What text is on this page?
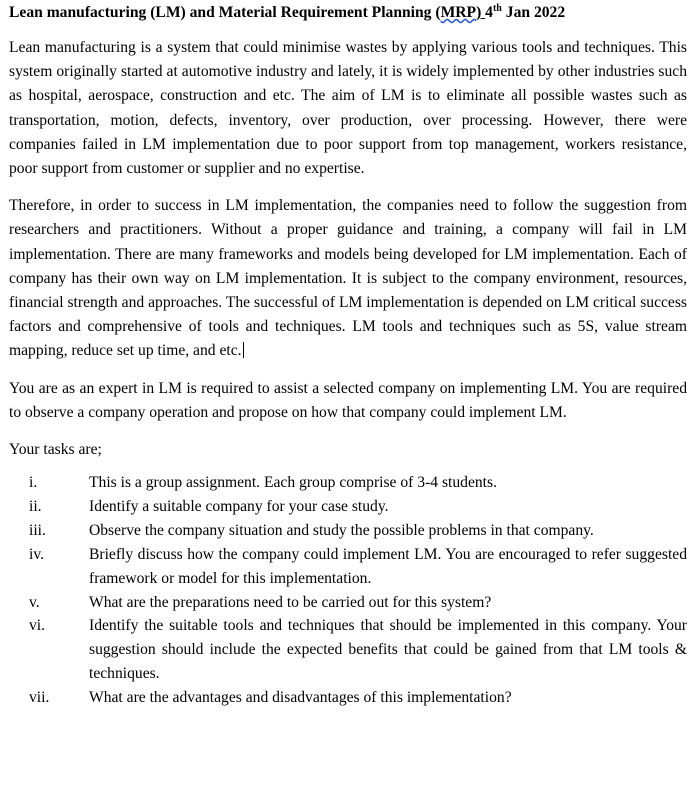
Lean manufacturing (LM) and Material Requirement Planning (MRP) 4th Jan 2022

Lean manufacturing is a system that could minimise wastes by applying various tools and techniques. This system originally started at automotive industry and lately, it is widely implemented by other industries such as hospital, aerospace, construction and etc. The aim of LM is to eliminate all possible wastes such as transportation, motion, defects, inventory, over production, over processing. However, there were companies failed in LM implementation due to poor support from top management, workers resistance, poor support from customer or supplier and no expertise.

Therefore, in order to success in LM implementation, the companies need to follow the suggestion from researchers and practitioners. Without a proper guidance and training, a company will fail in LM implementation. There are many frameworks and models being developed for LM implementation. Each of company has their own way on LM implementation. It is subject to the company environment, resources, financial strength and approaches. The successful of LM implementation is depended on LM critical success factors and comprehensive of tools and techniques. LM tools and techniques such as 5S, value stream mapping, reduce set up time, and etc.

You are as an expert in LM is required to assist a selected company on implementing LM. You are required to observe a company operation and propose on how that company could implement LM.

Your tasks are;

i.	This is a group assignment. Each group comprise of 3-4 students.
ii.	Identify a suitable company for your case study.
iii.	Observe the company situation and study the possible problems in that company.
iv.	Briefly discuss how the company could implement LM. You are encouraged to refer suggested framework or model for this implementation.
v.	What are the preparations need to be carried out for this system?
vi.	Identify the suitable tools and techniques that should be implemented in this company. Your suggestion should include the expected benefits that could be gained from that LM tools & techniques.
vii.	What are the advantages and disadvantages of this implementation?
